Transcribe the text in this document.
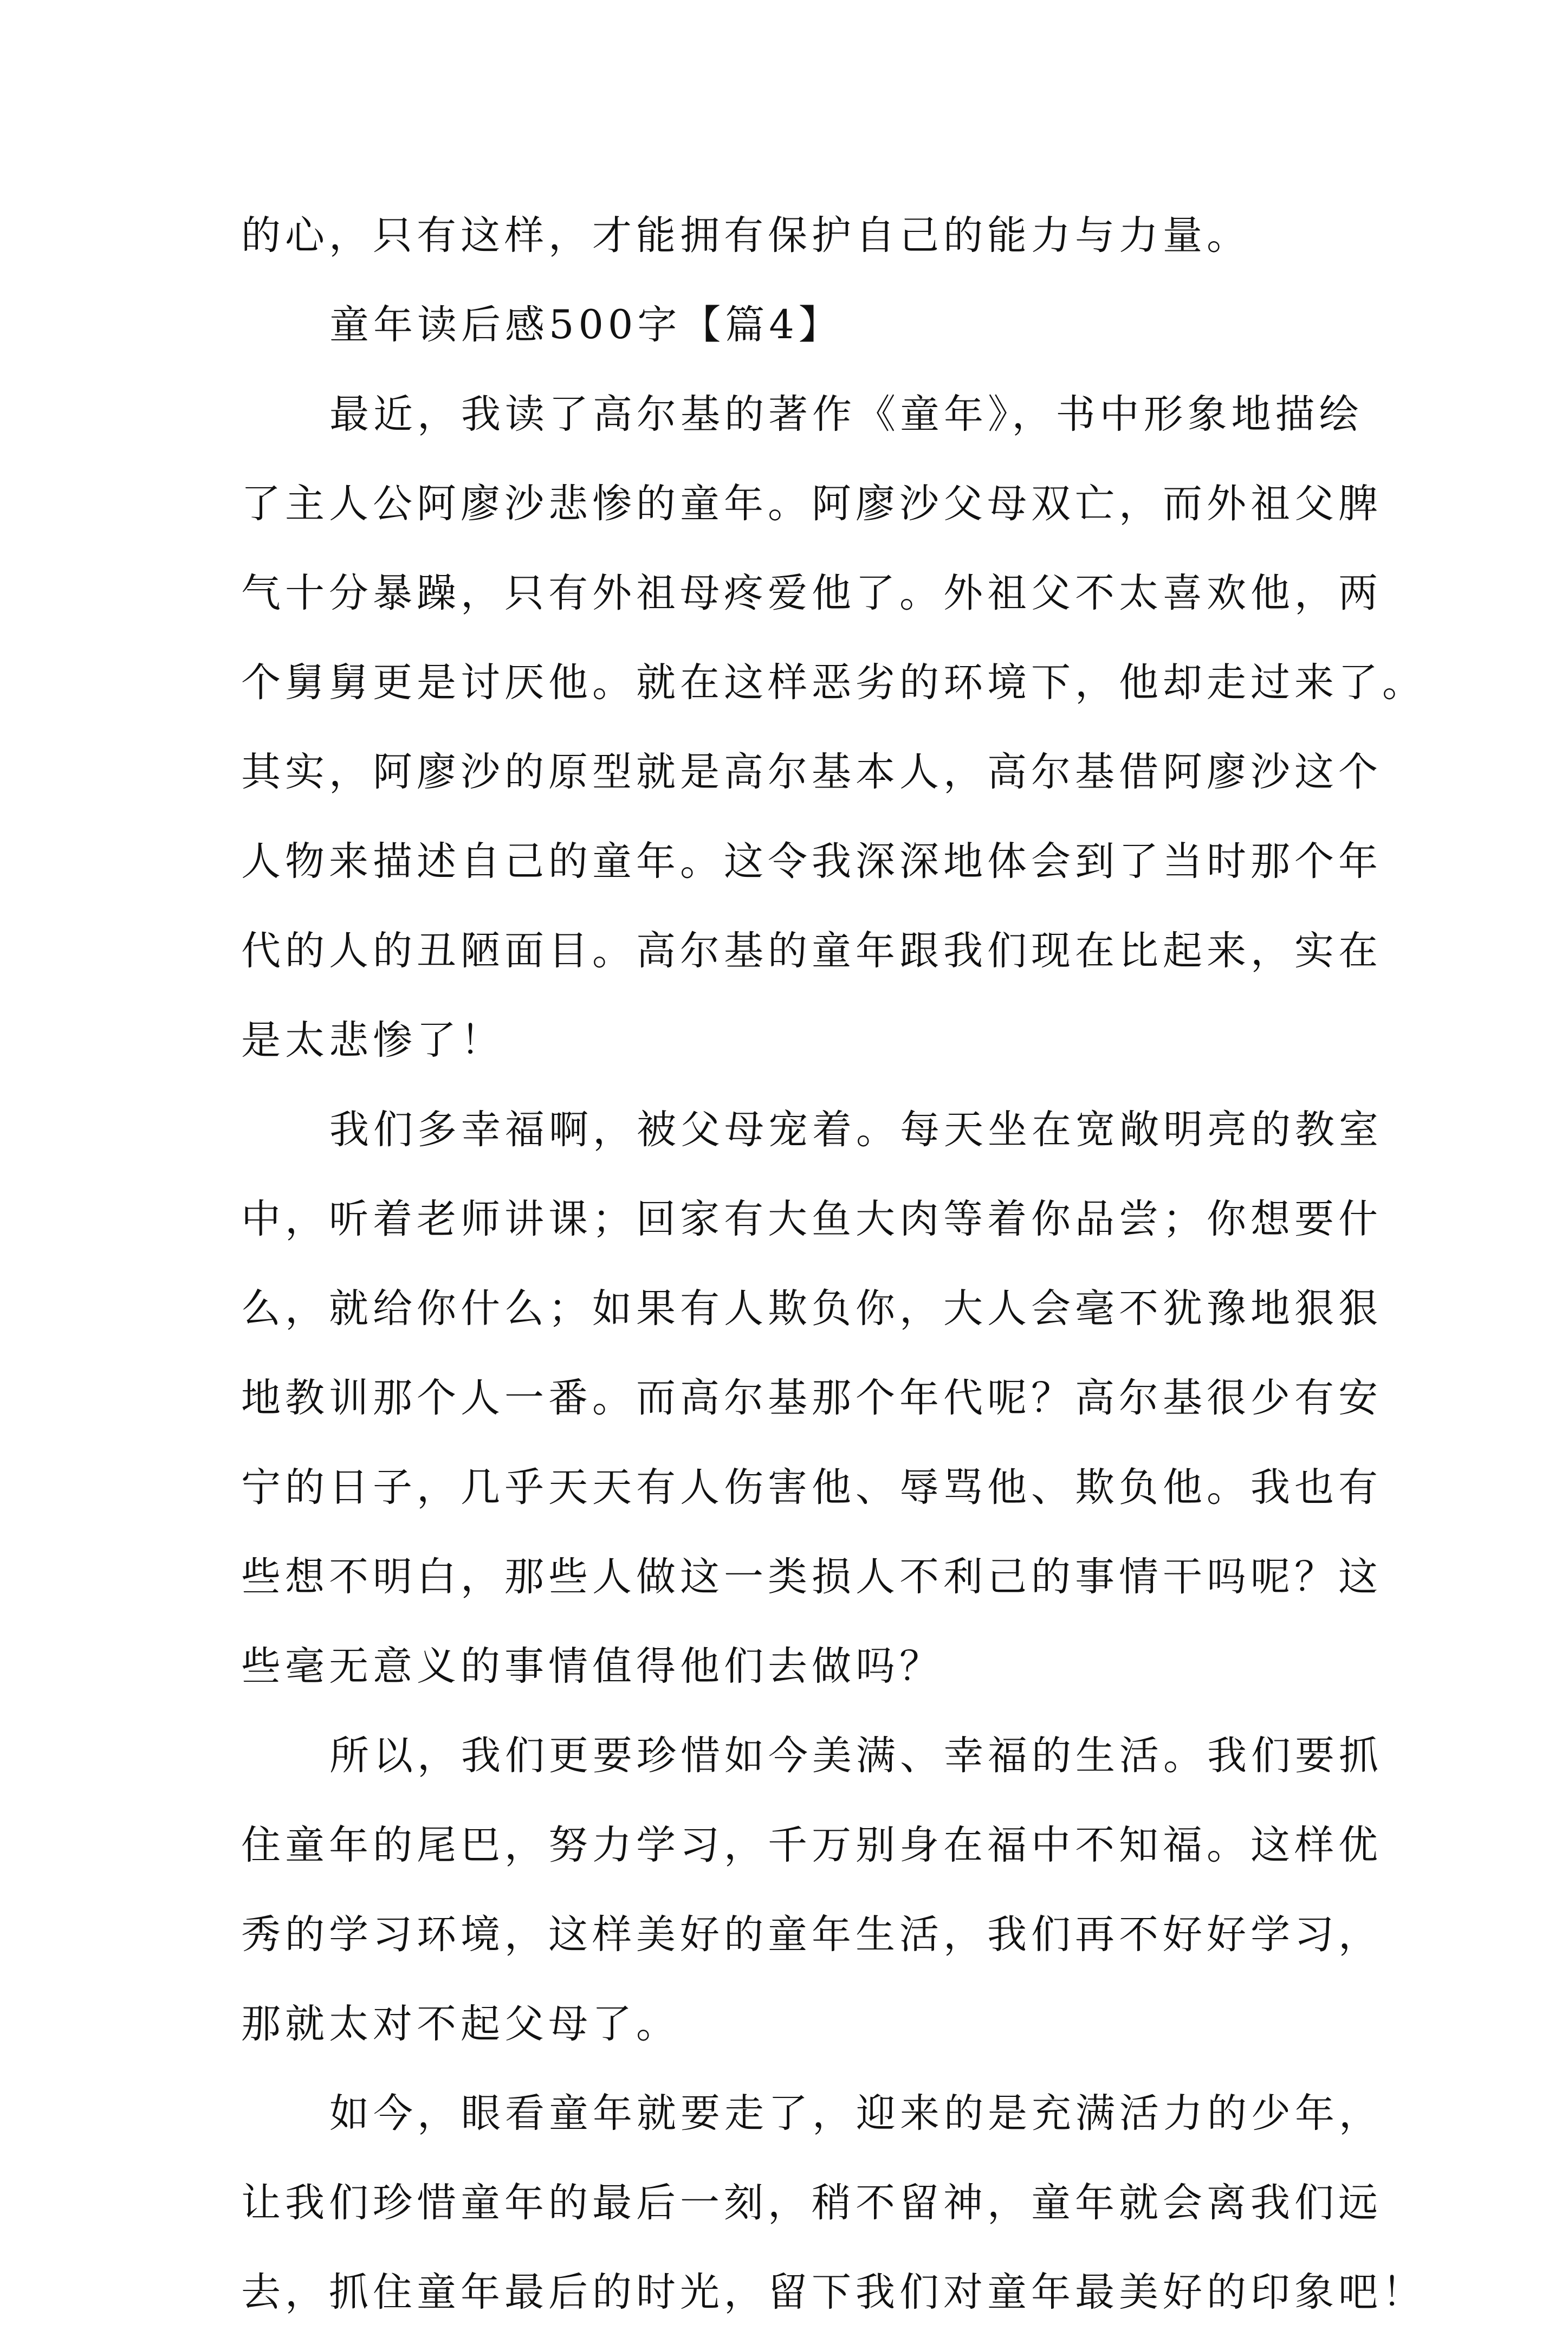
的心，只有这样，才能拥有保护自己的能力与力量。
童年读后感500字【篇4】
最近，我读了高尔基的著作《童年》，书中形象地描绘
了主人公阿廖沙悲惨的童年。阿廖沙父母双亡，而外祖父脾
气十分暴躁，只有外祖母疼爱他了。外祖父不太喜欢他，两
个舅舅更是讨厌他。就在这样恶劣的环境下，他却走过来了。
其实，阿廖沙的原型就是高尔基本人，高尔基借阿廖沙这个
人物来描述自己的童年。这令我深深地体会到了当时那个年
代的人的丑陋面目。高尔基的童年跟我们现在比起来，实在
是太悲惨了！
我们多幸福啊，被父母宠着。每天坐在宽敞明亮的教室
中，听着老师讲课；回家有大鱼大肉等着你品尝；你想要什
么，就给你什么；如果有人欺负你，大人会毫不犹豫地狠狠
地教训那个人一番。而高尔基那个年代呢？高尔基很少有安
宁的日子，几乎天天有人伤害他、辱骂他、欺负他。我也有
些想不明白，那些人做这一类损人不利己的事情干吗呢？这
些毫无意义的事情值得他们去做吗？
所以，我们更要珍惜如今美满、幸福的生活。我们要抓
住童年的尾巴，努力学习，千万别身在福中不知福。这样优
秀的学习环境，这样美好的童年生活，我们再不好好学习，
那就太对不起父母了。
如今，眼看童年就要走了，迎来的是充满活力的少年，
让我们珍惜童年的最后一刻，稍不留神，童年就会离我们远
去，抓住童年最后的时光，留下我们对童年最美好的印象吧！
